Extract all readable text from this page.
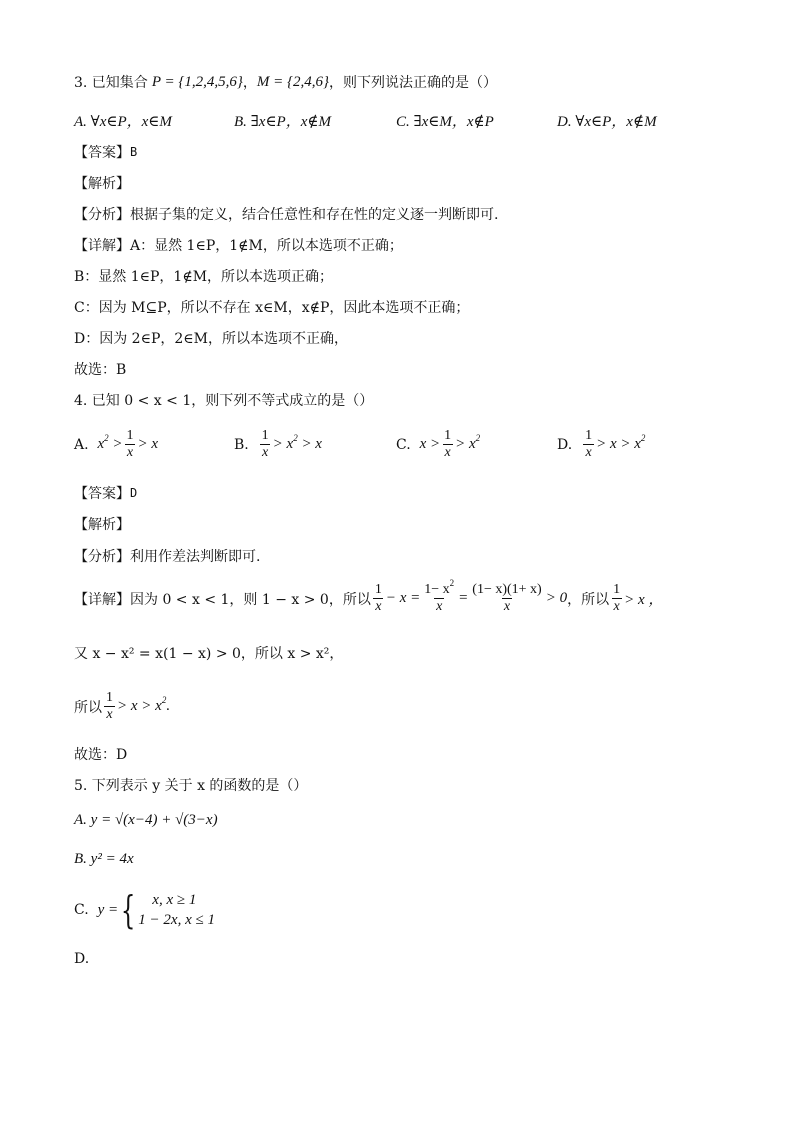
3. 已知集合 P = {1,2,4,5,6} ， M = {2,4,6} ，则下列说法正确的是（）
A. ∀x∈P，x∈M	B. ∃x∈P，x∉M	C. ∃x∈M，x∉P	D. ∀x∈P，x∉M
【答案】 B
【解析】
【分析】 根据子集的定义，结合任意性和存在性的定义逐一判断即可.
【详解】 A：显然 1∈P，1∉M，所以本选项不正确；
B：显然 1∈P，1∉M，所以本选项正确；
C：因为 M⊆P，所以不存在 x∈M，x∉P，因此本选项不正确；
D：因为 2∈P，2∈M，所以本选项不正确，
故选：B
4. 已知 0 < x < 1，则下列不等式成立的是（）
A.
$x^2 > \frac{1}{x} > x$	B.
$\frac{1}{x} > x^2 > x$	C.
$x > \frac{1}{x} > x^2$	D.
$\frac{1}{x} > x > x^2$
【答案】 D
【解析】
【分析】 利用作差法判断即可.
【详解】 因为 0 < x < 1，则 1 − x > 0，所以 $\frac{1}{x} - x = \frac{1- x^2}{x} = \frac{(1- x)(1+ x)}{x} > 0$ ，所以 $\frac{1}{x} > x$ ，
又 x − x² = x(1 − x) > 0，所以 x > x²，
所以 $\frac{1}{x} > x > x^2$.
故选：D
5. 下列表示 y 关于 x 的函数的是（）
A. y = √(x−4) + √(3−x)
B. y² = 4x
C.
y = {	x, x ≥ 1
1 − 2x, x ≤ 1
D.
